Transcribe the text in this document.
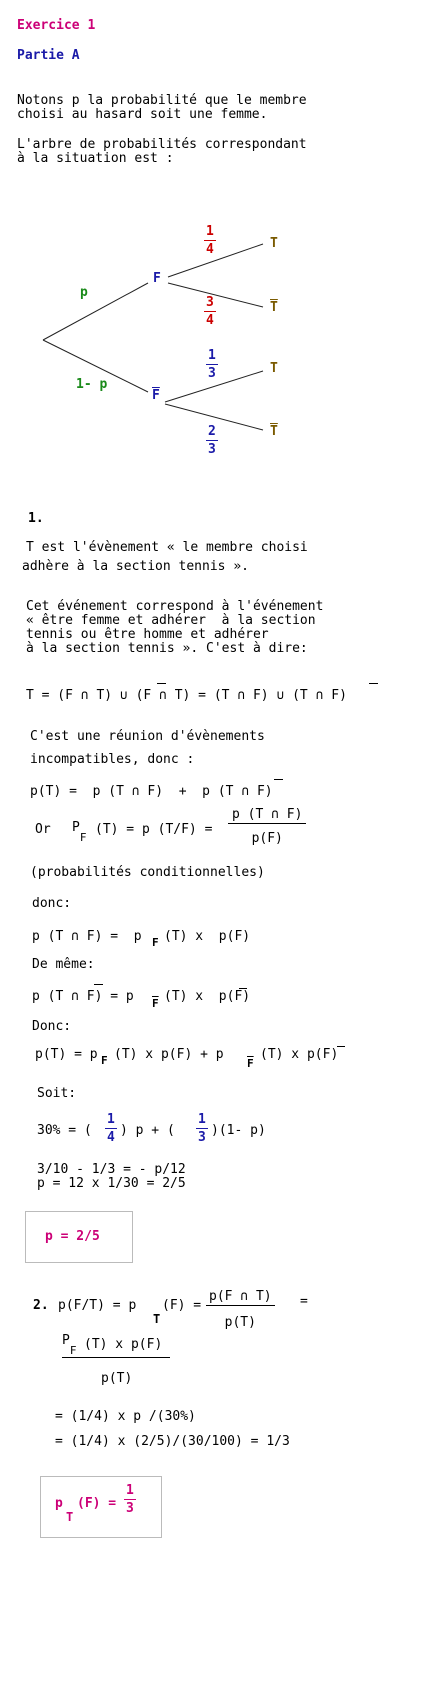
Exercice 1
Partie A
Notons p la probabilité que le membre
choisi au hasard soit une femme.
L'arbre de probabilités correspondant
à la situation est :
p
1- p
F
$\overline{F}$
T
$\overline{T}$
T
$\overline{T}$
1
4
3
4
1
3
2
3
1.
T est l'évènement « le membre choisi
adhère à la section tennis ».
Cet événement correspond à l'événement
« être femme et adhérer  à la section
tennis ou être homme et adhérer
à la section tennis ». C'est à dire:
T = (F ∩ T) ∪ (F ∩ T) = (T ∩ F) ∪ (T ∩ F)
C'est une réunion d'évènements
incompatibles, donc :
p(T) =  p (T ∩ F)  +  p (T ∩ F)
Or $P_F$
(T) = p (T/F) =
p (T ∩ F)
p(F)
(probabilités conditionnelles)
donc:
p (T ∩ F) =  p F (T) x  p(F)
De même:
p (T ∩ F) = p $\overline{F}$ (T) x  p(F)
Donc:
p(T) = p F (T) x p(F) + p
$\overline{F}$
(T) x p(F)
Soit:
30% = (
1
4 ) p + (
1
3 )(1- p)
3/10 - 1/3 = - p/12
p = 12 x 1/30 = 2/5
p = 2/5
2. p(F/T) = p
T
(F) =
p(F ∩ T)
p(T)
=
$P_F$ (T) x p(F)
p(T)
= (1/4) x p /(30%)
= (1/4) x (2/5)/(30/100) = 1/3
p
T
(F) =
1
3
